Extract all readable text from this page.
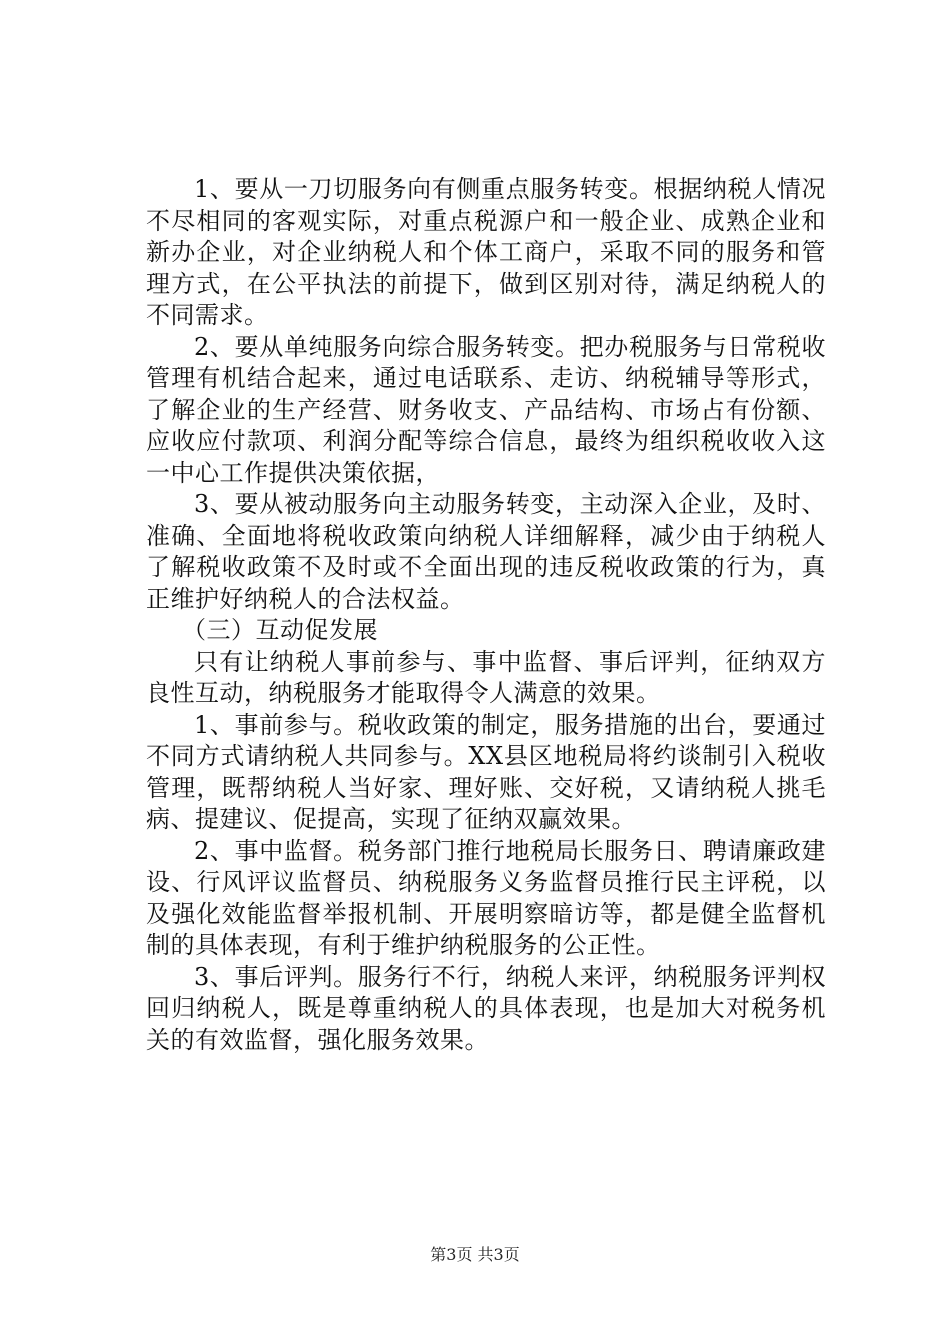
1、要从一刀切服务向有侧重点服务转变。根据纳税人情况不尽相同的客观实际，对重点税源户和一般企业、成熟企业和新办企业，对企业纳税人和个体工商户，采取不同的服务和管理方式，在公平执法的前提下，做到区别对待，满足纳税人的不同需求。

2、要从单纯服务向综合服务转变。把办税服务与日常税收管理有机结合起来，通过电话联系、走访、纳税辅导等形式，了解企业的生产经营、财务收支、产品结构、市场占有份额、应收应付款项、利润分配等综合信息，最终为组织税收收入这一中心工作提供决策依据，

3、要从被动服务向主动服务转变，主动深入企业，及时、准确、全面地将税收政策向纳税人详细解释，减少由于纳税人了解税收政策不及时或不全面出现的违反税收政策的行为，真正维护好纳税人的合法权益。

（三）互动促发展

只有让纳税人事前参与、事中监督、事后评判，征纳双方良性互动，纳税服务才能取得令人满意的效果。

1、事前参与。税收政策的制定，服务措施的出台，要通过不同方式请纳税人共同参与。XX县区地税局将约谈制引入税收管理，既帮纳税人当好家、理好账、交好税，又请纳税人挑毛病、提建议、促提高，实现了征纳双赢效果。

2、事中监督。税务部门推行地税局长服务日、聘请廉政建设、行风评议监督员、纳税服务义务监督员推行民主评税，以及强化效能监督举报机制、开展明察暗访等，都是健全监督机制的具体表现，有利于维护纳税服务的公正性。

3、事后评判。服务行不行，纳税人来评，纳税服务评判权回归纳税人，既是尊重纳税人的具体表现，也是加大对税务机关的有效监督，强化服务效果。

第3页 共3页
